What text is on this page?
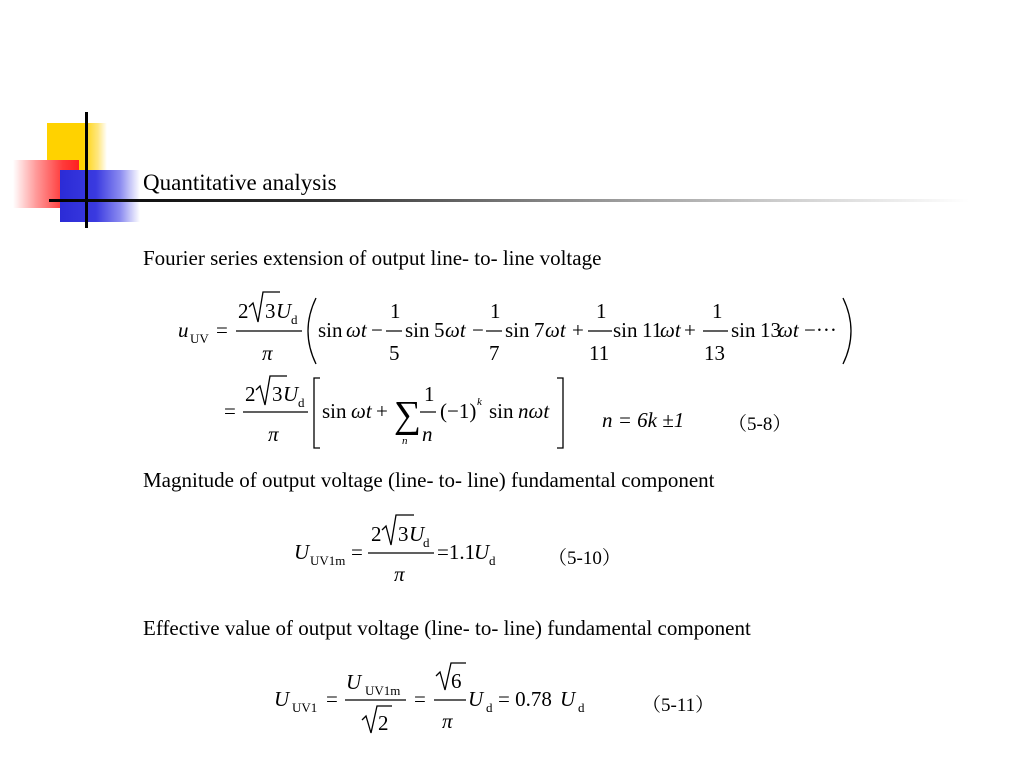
Quantitative analysis
Fourier series extension of output line- to- line voltage
Magnitude of output voltage (line- to- line) fundamental component
Effective value of output voltage (line- to- line) fundamental component
u UV =
2 3 U d
π
sin ωt −
1
5
sin 5 ωt −
1
7
sin 7 ωt +
1
11
sin 11
ωt +
1
13
sin 13
ωt −···
=
2 3 U d
π
sin ωt + ∑
n
1
n
(−1) k sin nωt	n = 6k ±1 （5-8）
U UV1m =
2 3 U
d
π
=1.1
U d	（5-10）
U UV1 =
U UV1m
2
=
6
π
U d = 0.78 U d	（5-11）
